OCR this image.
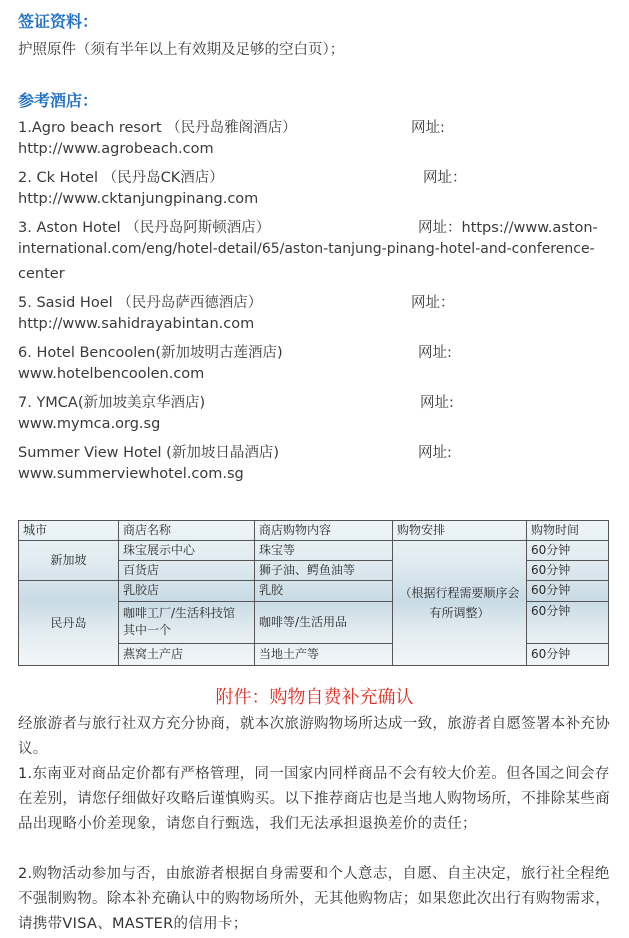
签证资料：
护照原件（须有半年以上有效期及足够的空白页）；
参考酒店：
1.Agro beach resort （民丹岛雅阁酒店）	网址:
http://www.agrobeach.com
2. Ck Hotel （民丹岛CK酒店）	网址：
http://www.cktanjungpinang.com
3. Aston Hotel （民丹岛阿斯顿酒店）	网址：https://www.aston-
international.com/eng/hotel-detail/65/aston-tanjung-pinang-hotel-and-conference-
center
5. Sasid Hoel （民丹岛萨西德酒店）	网址：
http://www.sahidrayabintan.com
6. Hotel Bencoolen(新加坡明古莲酒店)	网址:
www.hotelbencoolen.com
7. YMCA(新加坡美京华酒店)	网址:
www.mymca.org.sg
Summer View Hotel (新加坡日晶酒店)	网址:
www.summerviewhotel.com.sg
城市	商店名称	商店购物内容	购物安排	购物时间
新加坡	珠宝展示中心	珠宝等	（根据行程需要顺序会有所调整）	60分钟
	百货店	狮子油、鳄鱼油等		60分钟
民丹岛	乳胶店	乳胶		60分钟
	咖啡工厂/生活科技馆 其中一个	咖啡等/生活用品		60分钟
	燕窝土产店	当地土产等		60分钟
附件：购物自费补充确认
经旅游者与旅行社双方充分协商，就本次旅游购物场所达成一致，旅游者自愿签署本补充协议。
1.东南亚对商品定价都有严格管理，同一国家内同样商品不会有较大价差。但各国之间会存在差别，请您仔细做好攻略后谨慎购买。以下推荐商店也是当地人购物场所，不排除某些商品出现略小价差现象，请您自行甄选，我们无法承担退换差价的责任；
2.购物活动参加与否，由旅游者根据自身需要和个人意志，自愿、自主决定，旅行社全程绝不强制购物。除本补充确认中的购物场所外，无其他购物店；如果您此次出行有购物需求，请携带VISA、MASTER的信用卡；
